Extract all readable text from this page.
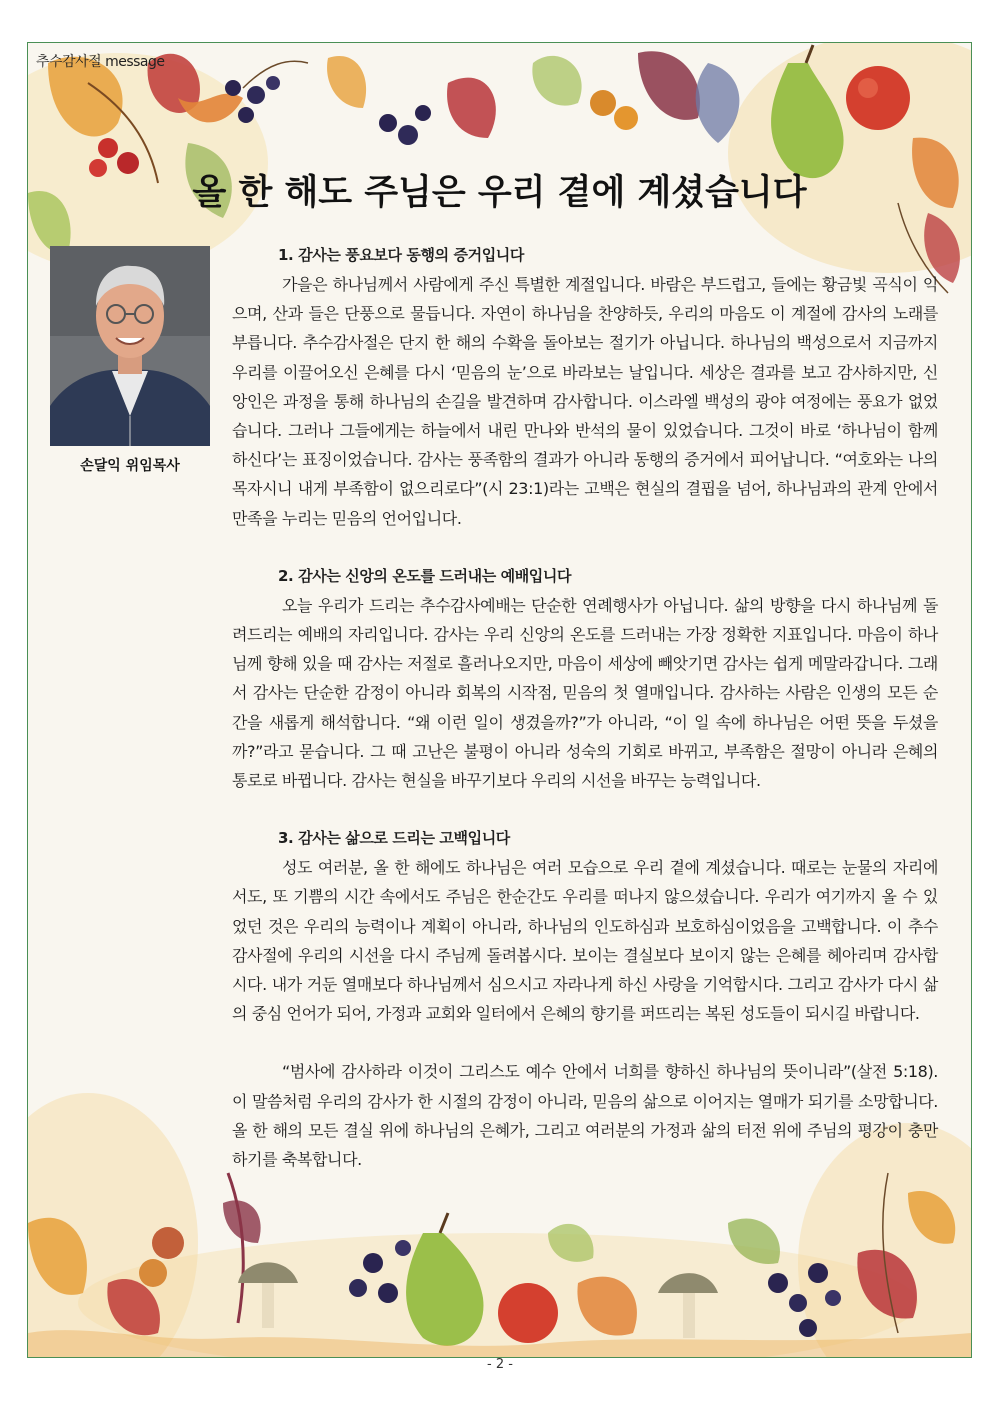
추수감사절 message
올 한 해도 주님은 우리 곁에 계셨습니다
손달익 위임목사

1. 감사는 풍요보다 동행의 증거입니다

가을은 하나님께서 사람에게 주신 특별한 계절입니다. 바람은 부드럽고, 들에는 황금빛 곡식이 익으며, 산과 들은 단풍으로 물듭니다. 자연이 하나님을 찬양하듯, 우리의 마음도 이 계절에 감사의 노래를 부릅니다. 추수감사절은 단지 한 해의 수확을 돌아보는 절기가 아닙니다. 하나님의 백성으로서 지금까지 우리를 이끌어오신 은혜를 다시 ‘믿음의 눈’으로 바라보는 날입니다. 세상은 결과를 보고 감사하지만, 신앙인은 과정을 통해 하나님의 손길을 발견하며 감사합니다. 이스라엘 백성의 광야 여정에는 풍요가 없었습니다. 그러나 그들에게는 하늘에서 내린 만나와 반석의 물이 있었습니다. 그것이 바로 ‘하나님이 함께 하신다’는 표징이었습니다. 감사는 풍족함의 결과가 아니라 동행의 증거에서 피어납니다. “여호와는 나의 목자시니 내게 부족함이 없으리로다”(시 23:1)라는 고백은 현실의 결핍을 넘어, 하나님과의 관계 안에서 만족을 누리는 믿음의 언어입니다.

2. 감사는 신앙의 온도를 드러내는 예배입니다

오늘 우리가 드리는 추수감사예배는 단순한 연례행사가 아닙니다. 삶의 방향을 다시 하나님께 돌려드리는 예배의 자리입니다. 감사는 우리 신앙의 온도를 드러내는 가장 정확한 지표입니다. 마음이 하나님께 향해 있을 때 감사는 저절로 흘러나오지만, 마음이 세상에 빼앗기면 감사는 쉽게 메말라갑니다. 그래서 감사는 단순한 감정이 아니라 회복의 시작점, 믿음의 첫 열매입니다. 감사하는 사람은 인생의 모든 순간을 새롭게 해석합니다. “왜 이런 일이 생겼을까?”가 아니라, “이 일 속에 하나님은 어떤 뜻을 두셨을까?”라고 묻습니다. 그 때 고난은 불평이 아니라 성숙의 기회로 바뀌고, 부족함은 절망이 아니라 은혜의 통로로 바뀝니다. 감사는 현실을 바꾸기보다 우리의 시선을 바꾸는 능력입니다.

3. 감사는 삶으로 드리는 고백입니다

성도 여러분, 올 한 해에도 하나님은 여러 모습으로 우리 곁에 계셨습니다. 때로는 눈물의 자리에서도, 또 기쁨의 시간 속에서도 주님은 한순간도 우리를 떠나지 않으셨습니다. 우리가 여기까지 올 수 있었던 것은 우리의 능력이나 계획이 아니라, 하나님의 인도하심과 보호하심이었음을 고백합니다. 이 추수감사절에 우리의 시선을 다시 주님께 돌려봅시다. 보이는 결실보다 보이지 않는 은혜를 헤아리며 감사합시다. 내가 거둔 열매보다 하나님께서 심으시고 자라나게 하신 사랑을 기억합시다. 그리고 감사가 다시 삶의 중심 언어가 되어, 가정과 교회와 일터에서 은혜의 향기를 퍼뜨리는 복된 성도들이 되시길 바랍니다.

“범사에 감사하라 이것이 그리스도 예수 안에서 너희를 향하신 하나님의 뜻이니라”(살전 5:18). 이 말씀처럼 우리의 감사가 한 시절의 감정이 아니라, 믿음의 삶으로 이어지는 열매가 되기를 소망합니다. 올 한 해의 모든 결실 위에 하나님의 은혜가, 그리고 여러분의 가정과 삶의 터전 위에 주님의 평강이 충만하기를 축복합니다.

- 2 -
